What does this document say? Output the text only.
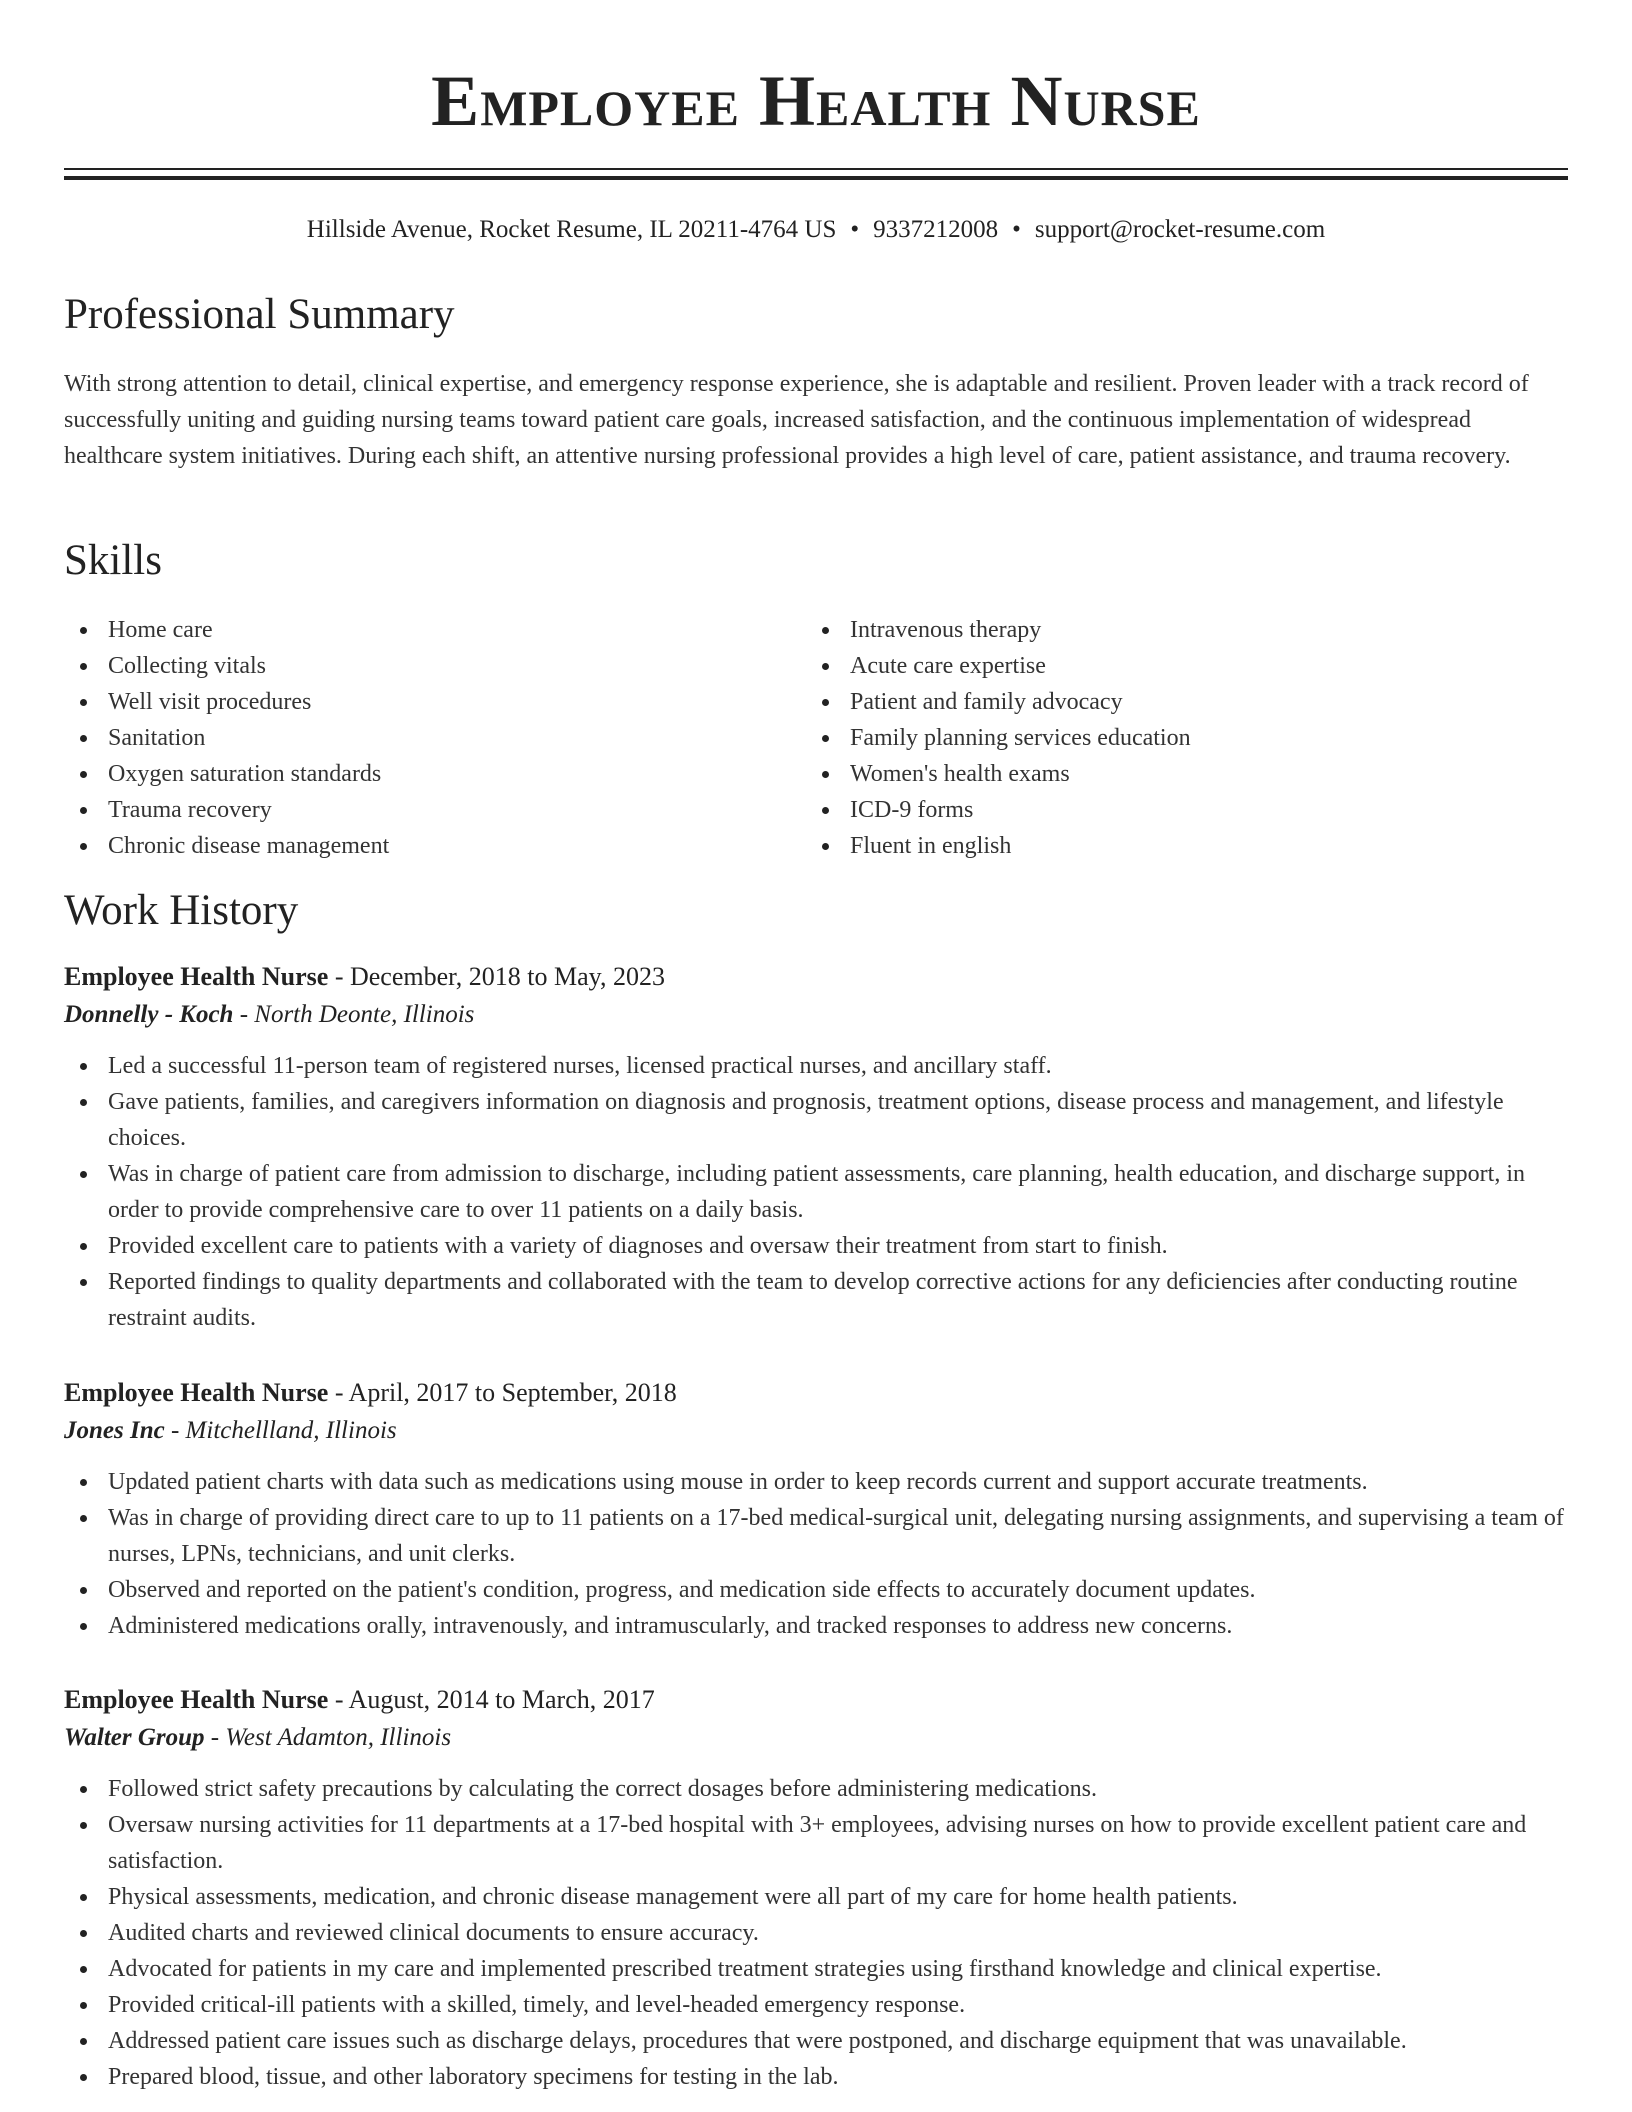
Employee Health Nurse
Hillside Avenue, Rocket Resume, IL 20211-4764 US • 9337212008 • support@rocket-resume.com
Professional Summary

With strong attention to detail, clinical expertise, and emergency response experience, she is adaptable and resilient. Proven leader with a track record of successfully uniting and guiding nursing teams toward patient care goals, increased satisfaction, and the continuous implementation of widespread healthcare system initiatives. During each shift, an attentive nursing professional provides a high level of care, patient assistance, and trauma recovery.

Skills
Home care
Collecting vitals
Well visit procedures
Sanitation
Oxygen saturation standards
Trauma recovery
Chronic disease management
Intravenous therapy
Acute care expertise
Patient and family advocacy
Family planning services education
Women's health exams
ICD-9 forms
Fluent in english
Work History

Employee Health Nurse - December, 2018 to May, 2023

Donnelly - Koch - North Deonte, Illinois

Led a successful 11-person team of registered nurses, licensed practical nurses, and ancillary staff.
Gave patients, families, and caregivers information on diagnosis and prognosis, treatment options, disease process and management, and lifestyle choices.
Was in charge of patient care from admission to discharge, including patient assessments, care planning, health education, and discharge support, in order to provide comprehensive care to over 11 patients on a daily basis.
Provided excellent care to patients with a variety of diagnoses and oversaw their treatment from start to finish.
Reported findings to quality departments and collaborated with the team to develop corrective actions for any deficiencies after conducting routine restraint audits.

Employee Health Nurse - April, 2017 to September, 2018

Jones Inc - Mitchellland, Illinois

Updated patient charts with data such as medications using mouse in order to keep records current and support accurate treatments.
Was in charge of providing direct care to up to 11 patients on a 17-bed medical-surgical unit, delegating nursing assignments, and supervising a team of nurses, LPNs, technicians, and unit clerks.
Observed and reported on the patient's condition, progress, and medication side effects to accurately document updates.
Administered medications orally, intravenously, and intramuscularly, and tracked responses to address new concerns.

Employee Health Nurse - August, 2014 to March, 2017

Walter Group - West Adamton, Illinois

Followed strict safety precautions by calculating the correct dosages before administering medications.
Oversaw nursing activities for 11 departments at a 17-bed hospital with 3+ employees, advising nurses on how to provide excellent patient care and satisfaction.
Physical assessments, medication, and chronic disease management were all part of my care for home health patients.
Audited charts and reviewed clinical documents to ensure accuracy.
Advocated for patients in my care and implemented prescribed treatment strategies using firsthand knowledge and clinical expertise.
Provided critical-ill patients with a skilled, timely, and level-headed emergency response.
Addressed patient care issues such as discharge delays, procedures that were postponed, and discharge equipment that was unavailable.
Prepared blood, tissue, and other laboratory specimens for testing in the lab.
